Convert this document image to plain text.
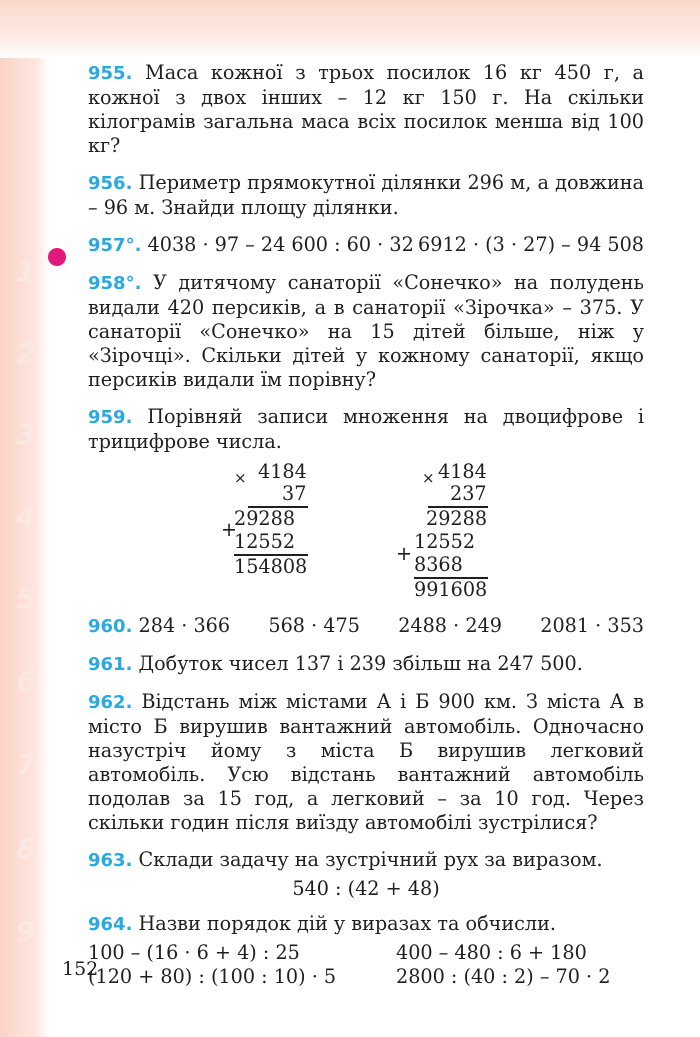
1
2
3
4
5
6
7
8
9
955. Маса кожної з трьох посилок 16 кг 450 г, а кожної з двох інших – 12 кг 150 г. На скільки кілограмів загальна маса всіх посилок менша від 100 кг?
956. Периметр прямокутної ділянки 296 м, а довжина – 96 м. Знайди площу ділянки.
957°. 4038 · 97 – 24 600 : 60 · 32 6912 · (3 · 27) – 94 508
958°. У дитячому санаторії «Сонечко» на полудень видали 420 персиків, а в санаторії «Зірочка» – 375. У санаторії «Сонечко» на 15 дітей більше, ніж у «Зірочці». Скільки дітей у кожному санаторії, якщо персиків видали їм порівну?
959. Порівняй записи множення на двоцифрове і трицифрове числа.
× 4184
37
29288
+
12552
154808
× 4184
237
29288
12552
+ 8368
991608
960. 284 · 366 568 · 475 2488 · 249 2081 · 353
961. Добуток чисел 137 і 239 збільш на 247 500.
962. Відстань між містами А і Б 900 км. З міста А в місто Б вирушив вантажний автомобіль. Одночасно назустріч йому з міста Б вирушив легковий автомобіль. Усю відстань вантажний автомобіль подолав за 15 год, а легковий – за 10 год. Через скільки годин після виїзду автомобілі зустрілися?
963. Склади задачу на зустрічний рух за виразом.
540 : (42 + 48)
964. Назви порядок дій у виразах та обчисли.
100 – (16 · 6 + 4) : 25	400 – 480 : 6 + 180
(120 + 80) : (100 : 10) · 5	2800 : (40 : 2) – 70 · 2
152
